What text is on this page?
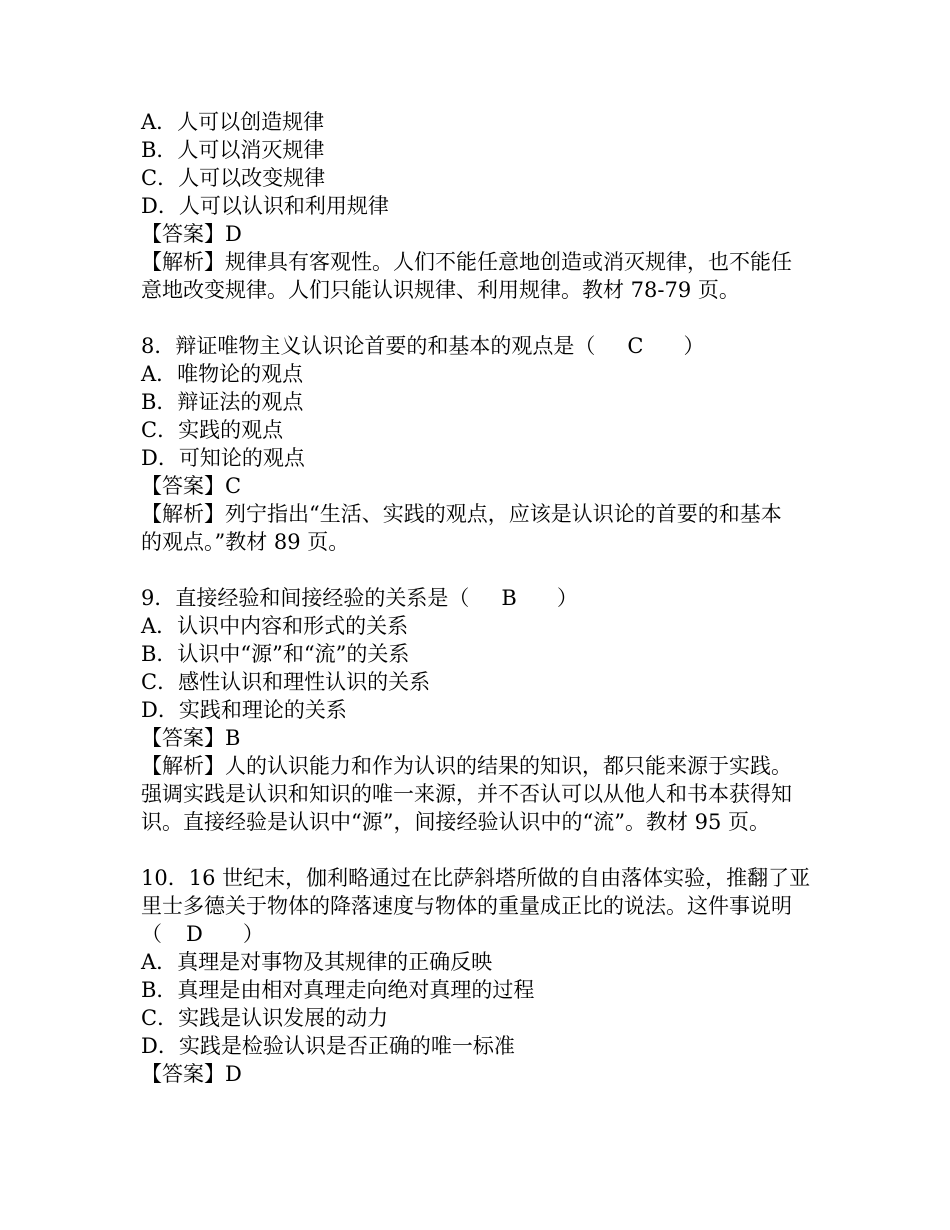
A．人可以创造规律
B．人可以消灭规律
C．人可以改变规律
D．人可以认识和利用规律
【答案】D
【解析】规律具有客观性。人们不能任意地创造或消灭规律，也不能任
意地改变规律。人们只能认识规律、利用规律。教材 78-79 页。
8．辩证唯物主义认识论首要的和基本的观点是（ C ）
A．唯物论的观点
B．辩证法的观点
C．实践的观点
D．可知论的观点
【答案】C
【解析】列宁指出“生活、实践的观点，应该是认识论的首要的和基本
的观点。”教材 89 页。
9．直接经验和间接经验的关系是（ B ）
A．认识中内容和形式的关系
B．认识中“源”和“流”的关系
C．感性认识和理性认识的关系
D．实践和理论的关系
【答案】B
【解析】人的认识能力和作为认识的结果的知识，都只能来源于实践。
强调实践是认识和知识的唯一来源，并不否认可以从他人和书本获得知
识。直接经验是认识中“源”，间接经验认识中的“流”。教材 95 页。
10．16 世纪末，伽利略通过在比萨斜塔所做的自由落体实验，推翻了亚
里士多德关于物体的降落速度与物体的重量成正比的说法。这件事说明
（ D ）
A．真理是对事物及其规律的正确反映
B．真理是由相对真理走向绝对真理的过程
C．实践是认识发展的动力
D．实践是检验认识是否正确的唯一标准
【答案】D
